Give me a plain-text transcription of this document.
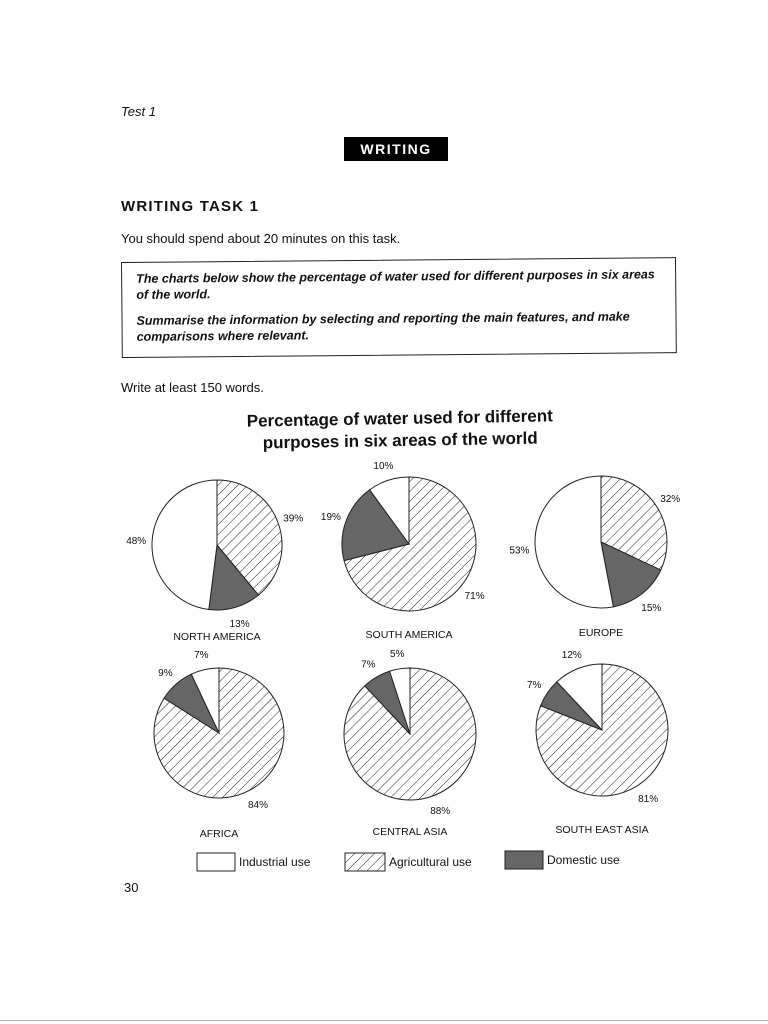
Test 1
WRITING
WRITING TASK 1
You should spend about 20 minutes on this task.

The charts below show the percentage of water used for different purposes in six areas of the world.

Summarise the information by selecting and reporting the main features, and make comparisons where relevant.

Write at least 150 words.
Percentage of water used for different
purposes in six areas of the world
39%
13%
48%
NORTH AMERICA
71%
19%
10%
SOUTH AMERICA
32%
15%
53%
EUROPE
84%
9%
7%
AFRICA
88%
7%
5%
CENTRAL ASIA
81%
7%
12%
SOUTH EAST ASIA
Industrial use	Agricultural use	Domestic use
30
